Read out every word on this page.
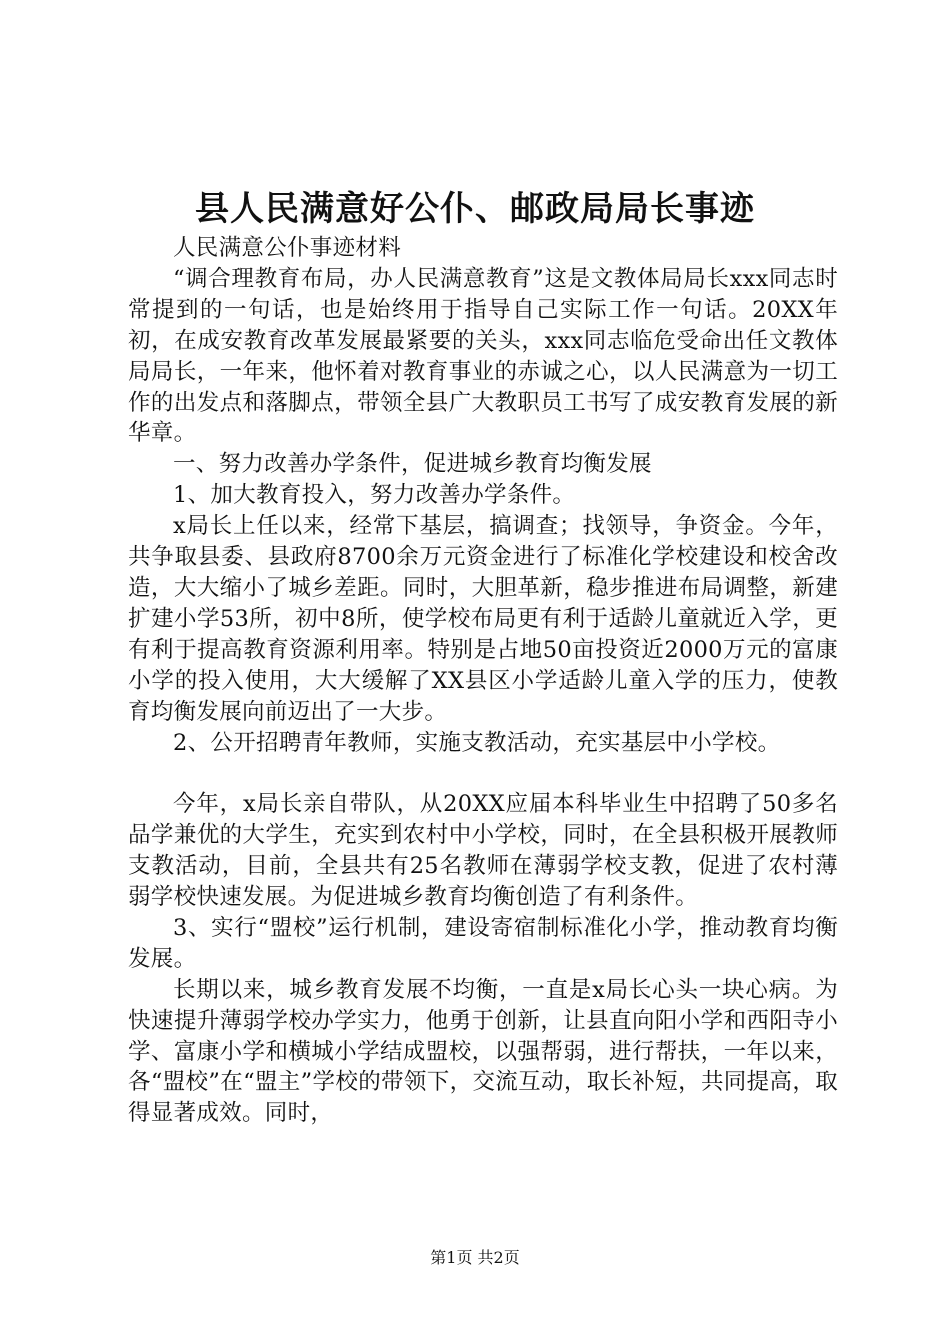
县人民满意好公仆、邮政局局长事迹

人民满意公仆事迹材料

“调合理教育布局，办人民满意教育”这是文教体局局长xxx同志时常提到的一句话，也是始终用于指导自己实际工作一句话。20XX年初，在成安教育改革发展最紧要的关头，xxx同志临危受命出任文教体局局长，一年来，他怀着对教育事业的赤诚之心，以人民满意为一切工作的出发点和落脚点，带领全县广大教职员工书写了成安教育发展的新华章。

一、努力改善办学条件，促进城乡教育均衡发展

1、加大教育投入，努力改善办学条件。

x局长上任以来，经常下基层，搞调查；找领导，争资金。今年，共争取县委、县政府8700余万元资金进行了标准化学校建设和校舍改造，大大缩小了城乡差距。同时，大胆革新，稳步推进布局调整，新建扩建小学53所，初中8所，使学校布局更有利于适龄儿童就近入学，更有利于提高教育资源利用率。特别是占地50亩投资近2000万元的富康小学的投入使用，大大缓解了XX县区小学适龄儿童入学的压力，使教育均衡发展向前迈出了一大步。

2、公开招聘青年教师，实施支教活动，充实基层中小学校。

今年，x局长亲自带队，从20XX应届本科毕业生中招聘了50多名品学兼优的大学生，充实到农村中小学校，同时，在全县积极开展教师支教活动，目前，全县共有25名教师在薄弱学校支教，促进了农村薄弱学校快速发展。为促进城乡教育均衡创造了有利条件。

3、实行“盟校”运行机制，建设寄宿制标准化小学，推动教育均衡发展。

长期以来，城乡教育发展不均衡，一直是x局长心头一块心病。为快速提升薄弱学校办学实力，他勇于创新，让县直向阳小学和西阳寺小学、富康小学和横城小学结成盟校，以强帮弱，进行帮扶，一年以来，各“盟校”在“盟主”学校的带领下，交流互动，取长补短，共同提高，取得显著成效。同时，

第1页 共2页
